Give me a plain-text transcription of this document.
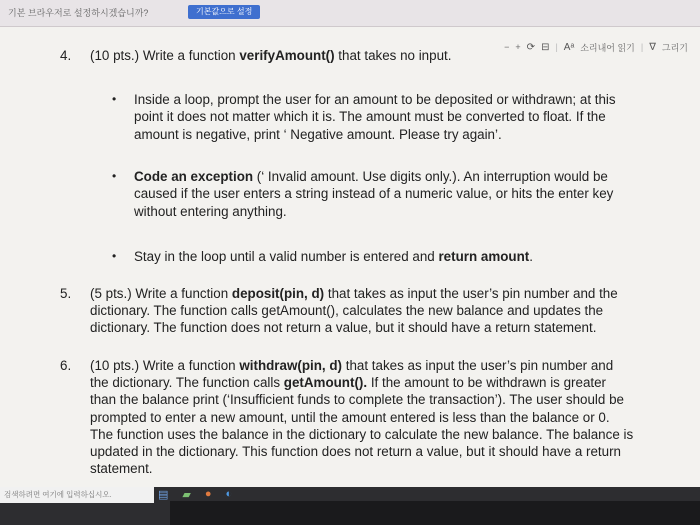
기본 브라우저로 설정하시겠습니까?	기본값으로 설정
− + ⟳ ⊟ | Aᵃ 소리내어 읽기 | ∇ 그리기
4. (10 pts.) Write a function verifyAmount() that takes no input.
• Inside a loop, prompt the user for an amount to be deposited or withdrawn; at this
point it does not matter which it is. The amount must be converted to float. If the
amount is negative, print ‘ Negative amount. Please try again’.
• Code an exception (‘ Invalid amount. Use digits only.). An interruption would be
caused if the user enters a string instead of a numeric value, or hits the enter key
without entering anything.
• Stay in the loop until a valid number is entered and return amount.
5. (5 pts.) Write a function deposit(pin, d) that takes as input the user’s pin number and the
dictionary. The function calls getAmount(), calculates the new balance and updates the
dictionary. The function does not return a value, but it should have a return statement.
6. (10 pts.) Write a function withdraw(pin, d) that takes as input the user’s pin number and
the dictionary. The function calls getAmount(). If the amount to be withdrawn is greater
than the balance print (‘Insufficient funds to complete the transaction’). The user should be
prompted to enter a new amount, until the amount entered is less than the balance or 0.
The function uses the balance in the dictionary to calculate the new balance. The balance is
updated in the dictionary. This function does not return a value, but it should have a return
statement.
검색하려면 여기에 입력하십시오.	▤ ▰ ● ◐
